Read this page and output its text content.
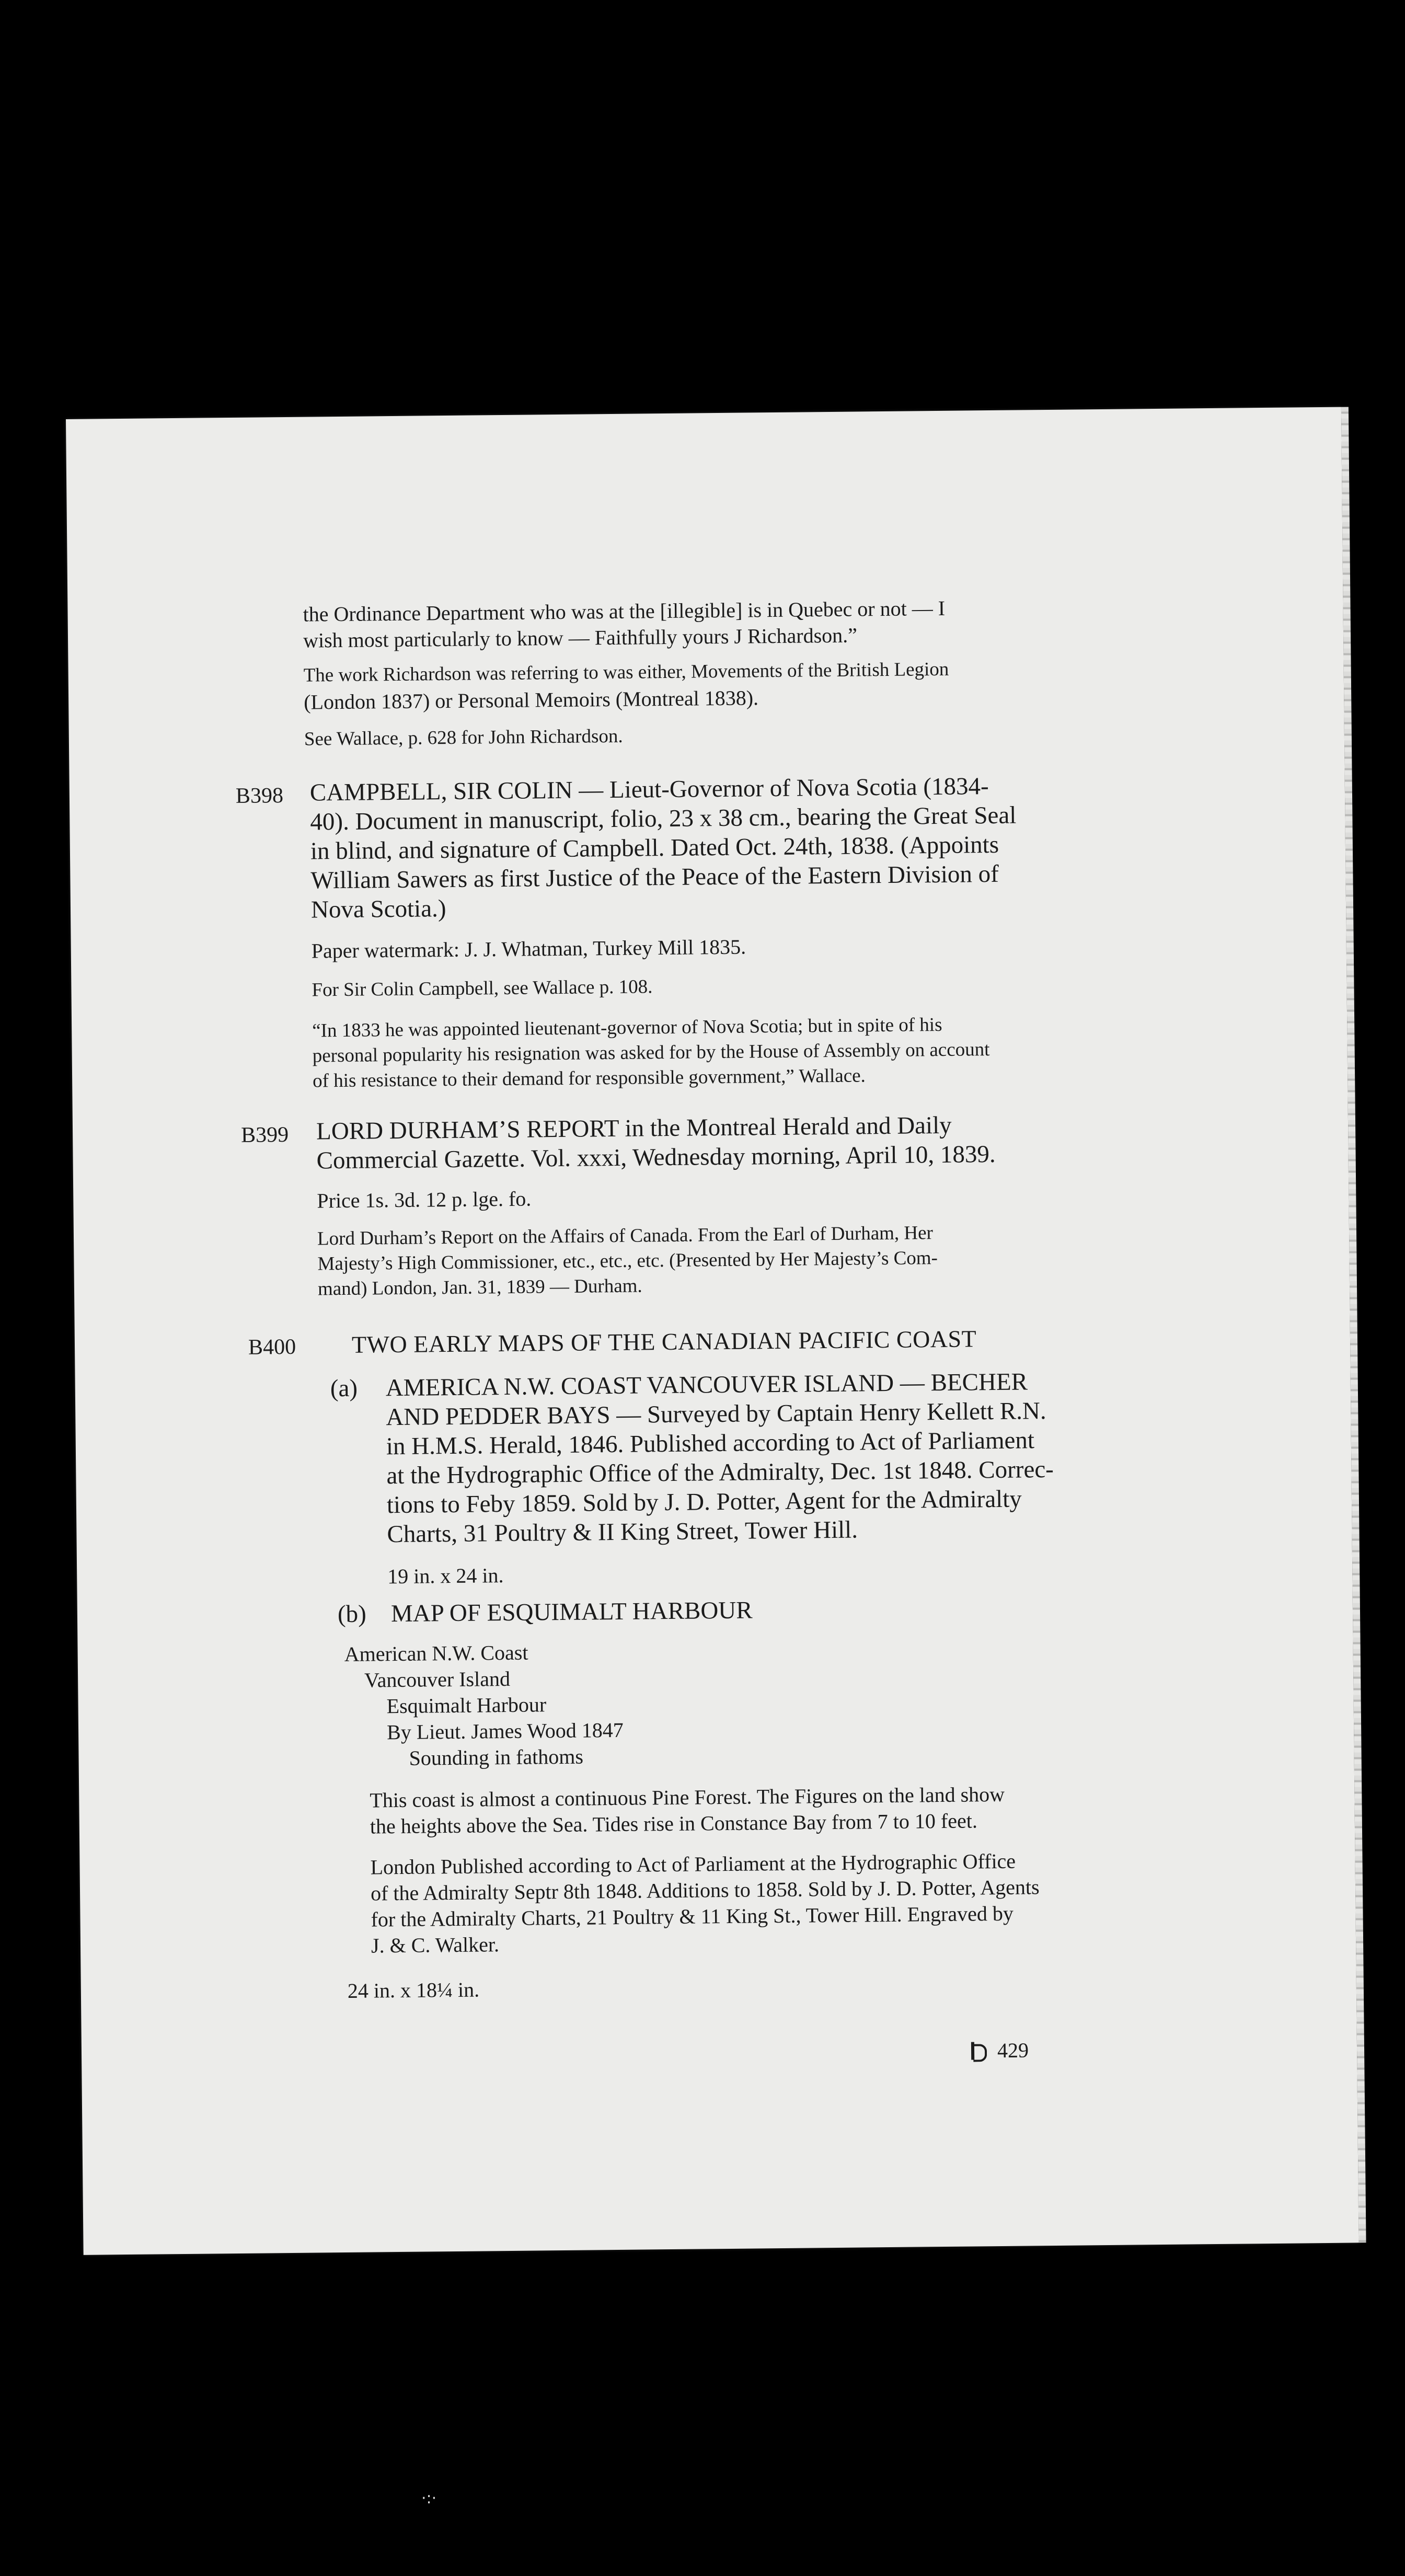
the Ordinance Department who was at the [illegible] is in Quebec or not — I

wish most particularly to know — Faithfully yours J Richardson.”

The work Richardson was referring to was either, Movements of the British Legion

(London 1837) or Personal Memoirs (Montreal 1838).

See Wallace, p. 628 for John Richardson.

B398 CAMPBELL, SIR COLIN — Lieut-Governor of Nova Scotia (1834-

40). Document in manuscript, folio, 23 x 38 cm., bearing the Great Seal

in blind, and signature of Campbell. Dated Oct. 24th, 1838. (Appoints

William Sawers as first Justice of the Peace of the Eastern Division of

Nova Scotia.)

Paper watermark: J. J. Whatman, Turkey Mill 1835.

For Sir Colin Campbell, see Wallace p. 108.

“In 1833 he was appointed lieutenant-governor of Nova Scotia; but in spite of his

personal popularity his resignation was asked for by the House of Assembly on account

of his resistance to their demand for responsible government,” Wallace.

B399 LORD DURHAM’S REPORT in the Montreal Herald and Daily

Commercial Gazette. Vol. xxxi, Wednesday morning, April 10, 1839.

Price 1s. 3d. 12 p. lge. fo.

Lord Durham’s Report on the Affairs of Canada. From the Earl of Durham, Her

Majesty’s High Commissioner, etc., etc., etc. (Presented by Her Majesty’s Com-

mand) London, Jan. 31, 1839 — Durham.

B400 TWO EARLY MAPS OF THE CANADIAN PACIFIC COAST

(a) AMERICA N.W. COAST VANCOUVER ISLAND — BECHER

AND PEDDER BAYS — Surveyed by Captain Henry Kellett R.N.

in H.M.S. Herald, 1846. Published according to Act of Parliament

at the Hydrographic Office of the Admiralty, Dec. 1st 1848. Correc-

tions to Feby 1859. Sold by J. D. Potter, Agent for the Admiralty

Charts, 31 Poultry & II King Street, Tower Hill.

19 in. x 24 in.

(b) MAP OF ESQUIMALT HARBOUR

American N.W. Coast

Vancouver Island

Esquimalt Harbour

By Lieut. James Wood 1847

Sounding in fathoms

This coast is almost a continuous Pine Forest. The Figures on the land show

the heights above the Sea. Tides rise in Constance Bay from 7 to 10 feet.

London Published according to Act of Parliament at the Hydrographic Office

of the Admiralty Septr 8th 1848. Additions to 1858. Sold by J. D. Potter, Agents

for the Admiralty Charts, 21 Poultry & 11 King St., Tower Hill. Engraved by

J. & C. Walker.

24 in. x 18¼ in.

429

·:·
